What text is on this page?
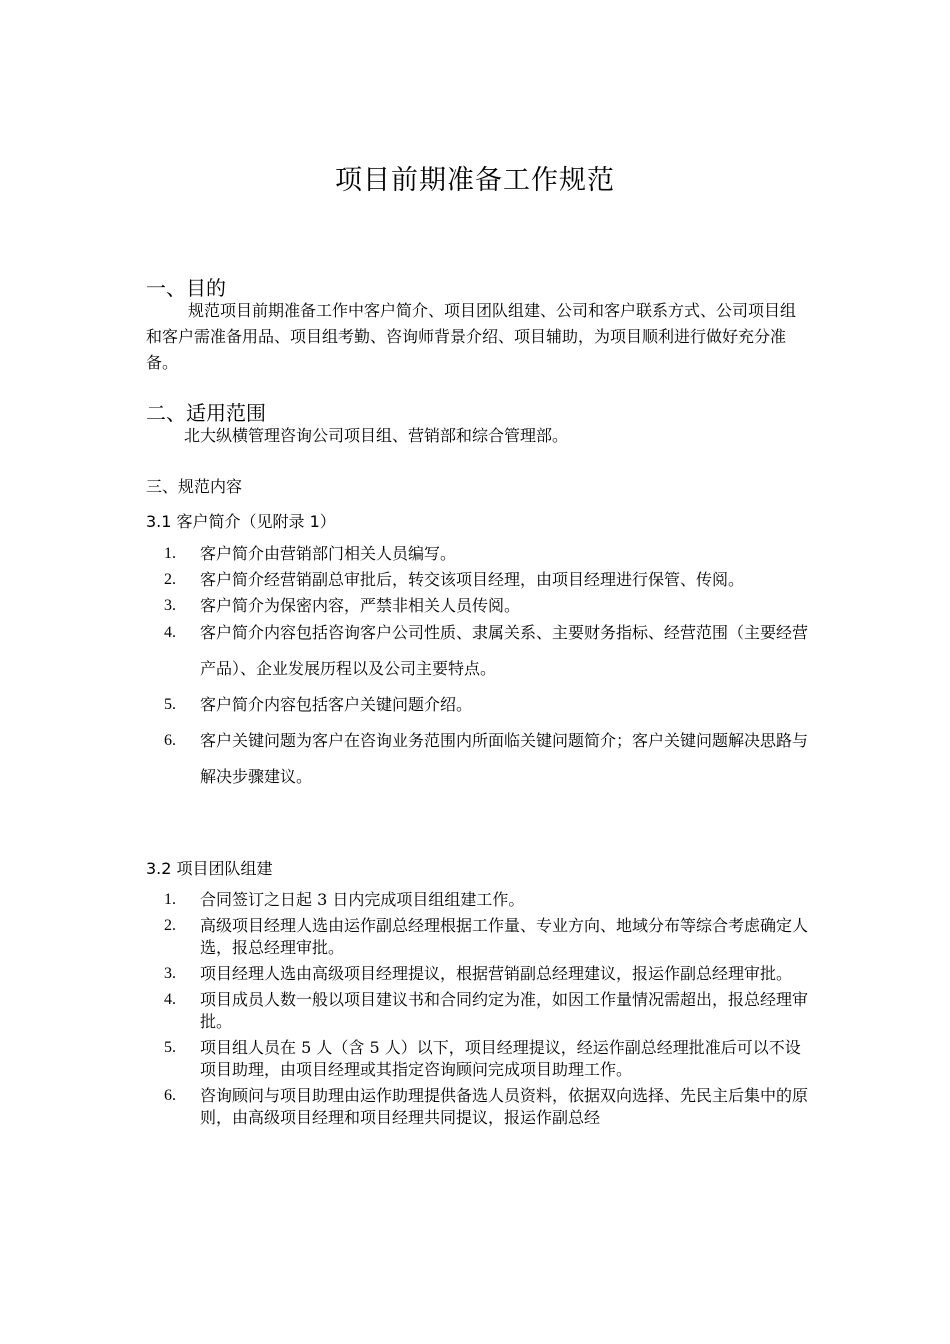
项目前期准备工作规范
一、目的
规范项目前期准备工作中客户简介、项目团队组建、公司和客户联系方式、公司项目组和客户需准备用品、项目组考勤、咨询师背景介绍、项目辅助，为项目顺利进行做好充分准备。
二、适用范围
北大纵横管理咨询公司项目组、营销部和综合管理部。
三、规范内容
3.1 客户简介（见附录 1）
1.	客户简介由营销部门相关人员编写。
2.	客户简介经营销副总审批后，转交该项目经理，由项目经理进行保管、传阅。
3.	客户简介为保密内容，严禁非相关人员传阅。
4.	客户简介内容包括咨询客户公司性质、隶属关系、主要财务指标、经营范围（主要经营产品）、企业发展历程以及公司主要特点。
5.	客户简介内容包括客户关键问题介绍。
6.	客户关键问题为客户在咨询业务范围内所面临关键问题简介；客户关键问题解决思路与解决步骤建议。
3.2 项目团队组建
1.	合同签订之日起 3 日内完成项目组组建工作。
2.	高级项目经理人选由运作副总经理根据工作量、专业方向、地域分布等综合考虑确定人选，报总经理审批。
3.	项目经理人选由高级项目经理提议，根据营销副总经理建议，报运作副总经理审批。
4.	项目成员人数一般以项目建议书和合同约定为准，如因工作量情况需超出，报总经理审批。
5.	项目组人员在 5 人（含 5 人）以下，项目经理提议，经运作副总经理批准后可以不设项目助理，由项目经理或其指定咨询顾问完成项目助理工作。
6.	咨询顾问与项目助理由运作助理提供备选人员资料，依据双向选择、先民主后集中的原则，由高级项目经理和项目经理共同提议，报运作副总经
